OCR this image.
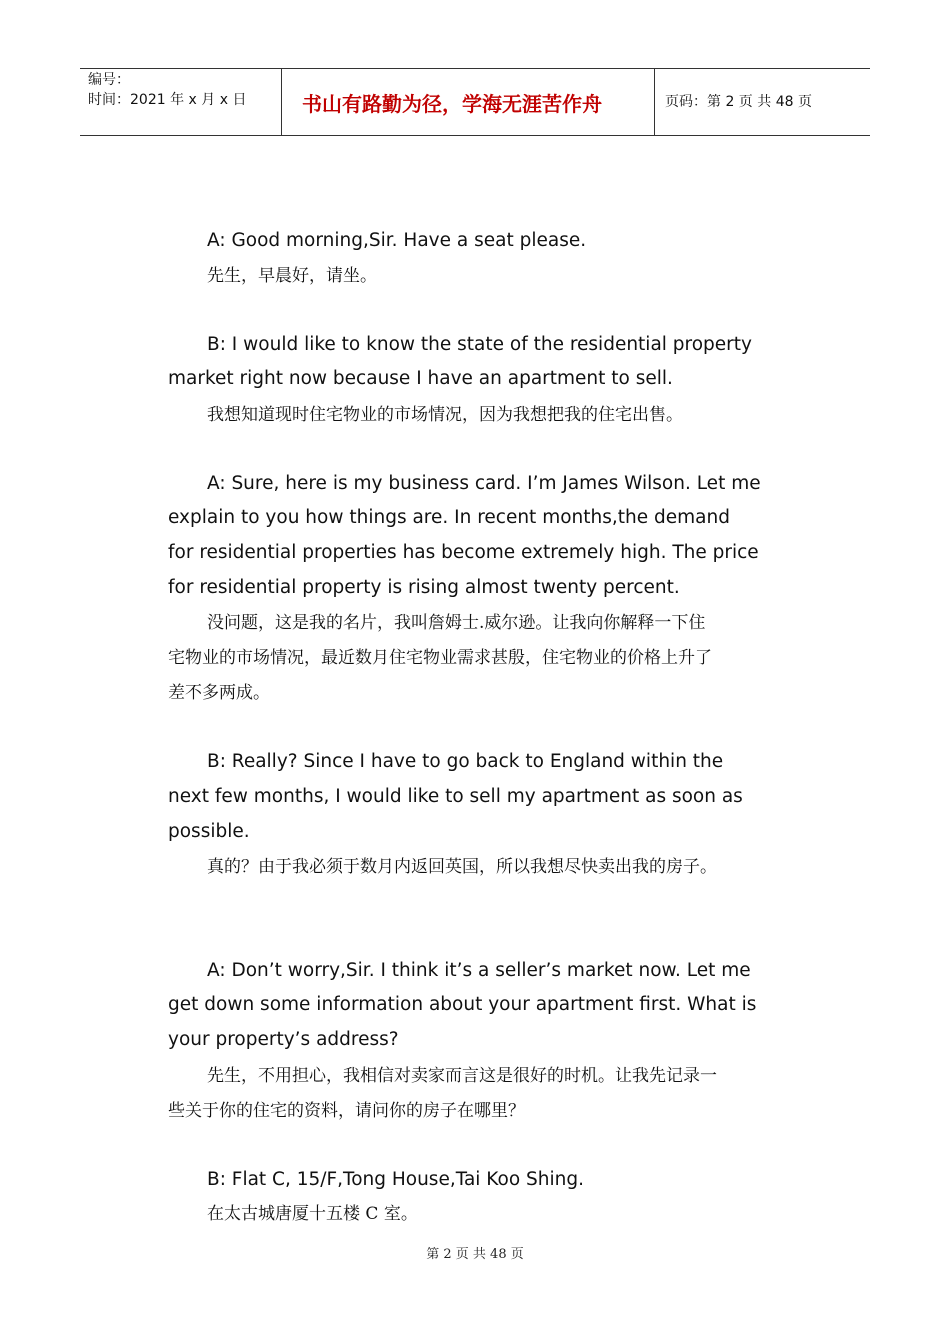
编号：
时间：2021 年 x 月 x 日	书山有路勤为径，学海无涯苦作舟	页码：第 2 页 共 48 页
A: Good morning,Sir. Have a seat please.
先生，早晨好，请坐。
B: I would like to know the state of the residential property
market right now because I have an apartment to sell.
我想知道现时住宅物业的市场情况，因为我想把我的住宅出售。
A: Sure, here is my business card. I’m James Wilson. Let me
explain to you how things are. In recent months,the demand
for residential properties has become extremely high. The price
for residential property is rising almost twenty percent.
没问题，这是我的名片，我叫詹姆士.威尔逊。让我向你解释一下住
宅物业的市场情况，最近数月住宅物业需求甚殷，住宅物业的价格上升了
差不多两成。
B: Really? Since I have to go back to England within the
next few months, I would like to sell my apartment as soon as
possible.
真的？由于我必须于数月内返回英国，所以我想尽快卖出我的房子。
A: Don’t worry,Sir. I think it’s a seller’s market now. Let me
get down some information about your apartment first. What is
your property’s address?
先生，不用担心，我相信对卖家而言这是很好的时机。让我先记录一
些关于你的住宅的资料，请问你的房子在哪里？
B: Flat C, 15/F,Tong House,Tai Koo Shing.
在太古城唐厦十五楼 C 室。
第 2 页 共 48 页
